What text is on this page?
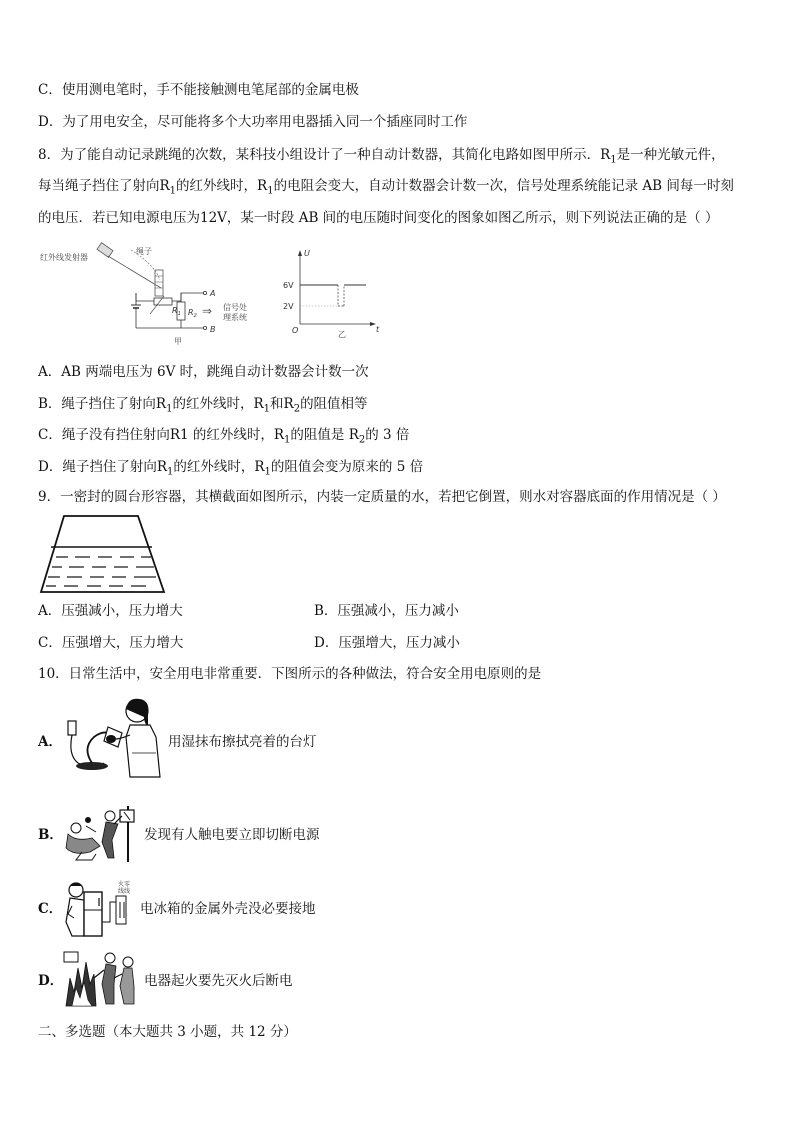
C．使用测电笔时，手不能接触测电笔尾部的金属电极
D．为了用电安全，尽可能将多个大功率用电器插入同一个插座同时工作
8．为了能自动记录跳绳的次数，某科技小组设计了一种自动计数器，其简化电路如图甲所示．$R_1$是一种光敏元件，
每当绳子挡住了射向$R_1$的红外线时，$R_1$的电阻会变大，自动计数器会计数一次，信号处理系统能记录 AB 间每一时刻
的电压．若已知电源电压为12V，某一时段 AB 间的电压随时间变化的图象如图乙所示，则下列说法正确的是（ ）
红外线发射器
绳子
$R_1$
A
$R_2$
B
⇒ 信号处
理系统
甲
U
t
O
6V
2V
乙
A．AB 两端电压为 6V 时，跳绳自动计数器会计数一次
B．绳子挡住了射向$R_1$的红外线时，$R_1$和$R_2$的阻值相等
C．绳子没有挡住射向R1 的红外线时，$R_1$的阻值是 $R_2$的 3 倍
D．绳子挡住了射向$R_1$的红外线时，$R_1$的阻值会变为原来的 5 倍
9．一密封的圆台形容器，其横截面如图所示，内装一定质量的水，若把它倒置，则水对容器底面的作用情况是（ ）
A．压强减小，压力增大	B．压强减小，压力减小
C．压强增大，压力增大	D．压强增大，压力减小
10．日常生活中，安全用电非常重要．下图所示的各种做法，符合安全用电原则的是
A．	用湿抹布擦拭亮着的台灯
B．	发现有人触电要立即切断电源
C．
火零
线线
电冰箱的金属外壳没必要接地
D．	电器起火要先灭火后断电
二、多选题（本大题共 3 小题，共 12 分）
